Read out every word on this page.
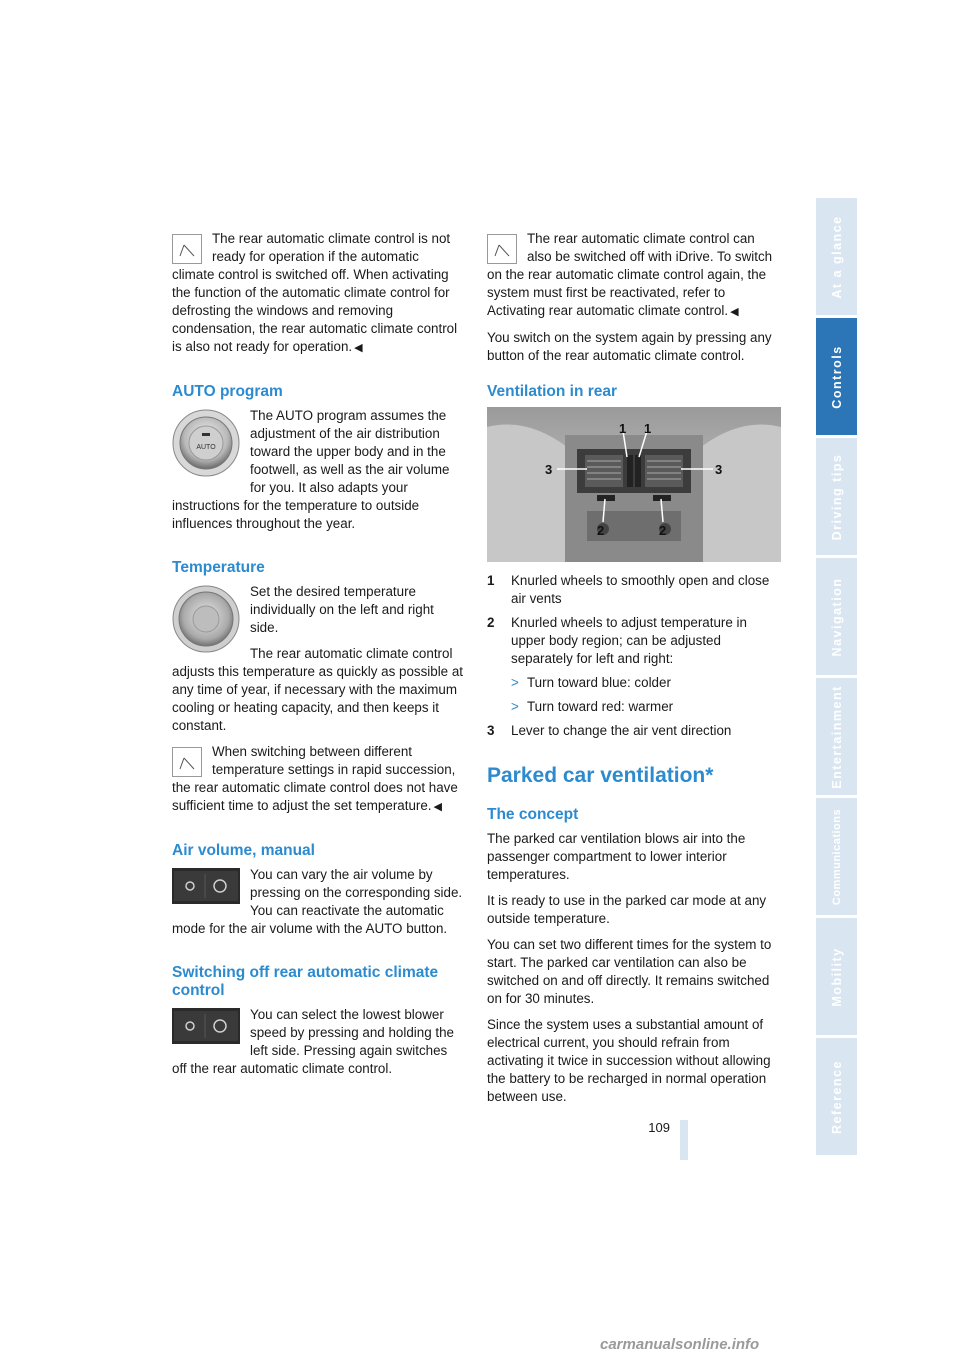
The rear automatic climate control is not ready for operation if the automatic climate control is switched off. When activating the function of the automatic climate control for defrosting the windows and removing condensation, the rear automatic climate control is also not ready for operation. ◀

AUTO program
AUTO

The AUTO program assumes the adjustment of the air distribution toward the upper body and in the footwell, as well as the air volume for you. It also adapts your instructions for the temperature to outside influences throughout the year.

Temperature

Set the desired temperature individually on the left and right side.

The rear automatic climate control adjusts this temperature as quickly as possible at any time of year, if necessary with the maximum cooling or heating capacity, and then keeps it constant.

When switching between different temperature settings in rapid succession, the rear automatic climate control does not have sufficient time to adjust the set temperature. ◀

Air volume, manual

You can vary the air volume by pressing on the corresponding side. You can reactivate the automatic mode for the air volume with the AUTO button.

Switching off rear automatic climate control

You can select the lowest blower speed by pressing and holding the left side. Pressing again switches off the rear automatic climate control.

The rear automatic climate control can also be switched off with iDrive. To switch on the rear automatic climate control again, the system must first be reactivated, refer to Activating rear automatic climate control. ◀

You switch on the system again by pressing any button of the rear automatic climate control.

Ventilation in rear
1 1
3	3
2	2
1	Knurled wheels to smoothly open and close air vents
2	Knurled wheels to adjust temperature in upper body region; can be adjusted separately for left and right:
> Turn toward blue: colder
> Turn toward red: warmer
3	Lever to change the air vent direction
Parked car ventilation*
The concept

The parked car ventilation blows air into the passenger compartment to lower interior temperatures.

It is ready to use in the parked car mode at any outside temperature.

You can set two different times for the system to start. The parked car ventilation can also be switched on and off directly. It remains switched on for 30 minutes.

Since the system uses a substantial amount of electrical current, you should refrain from activating it twice in succession without allowing the battery to be recharged in normal operation between use.

At a glance
Controls
Driving tips
Navigation
Entertainment
Communications
Mobility
Reference
109
carmanualsonline.info
